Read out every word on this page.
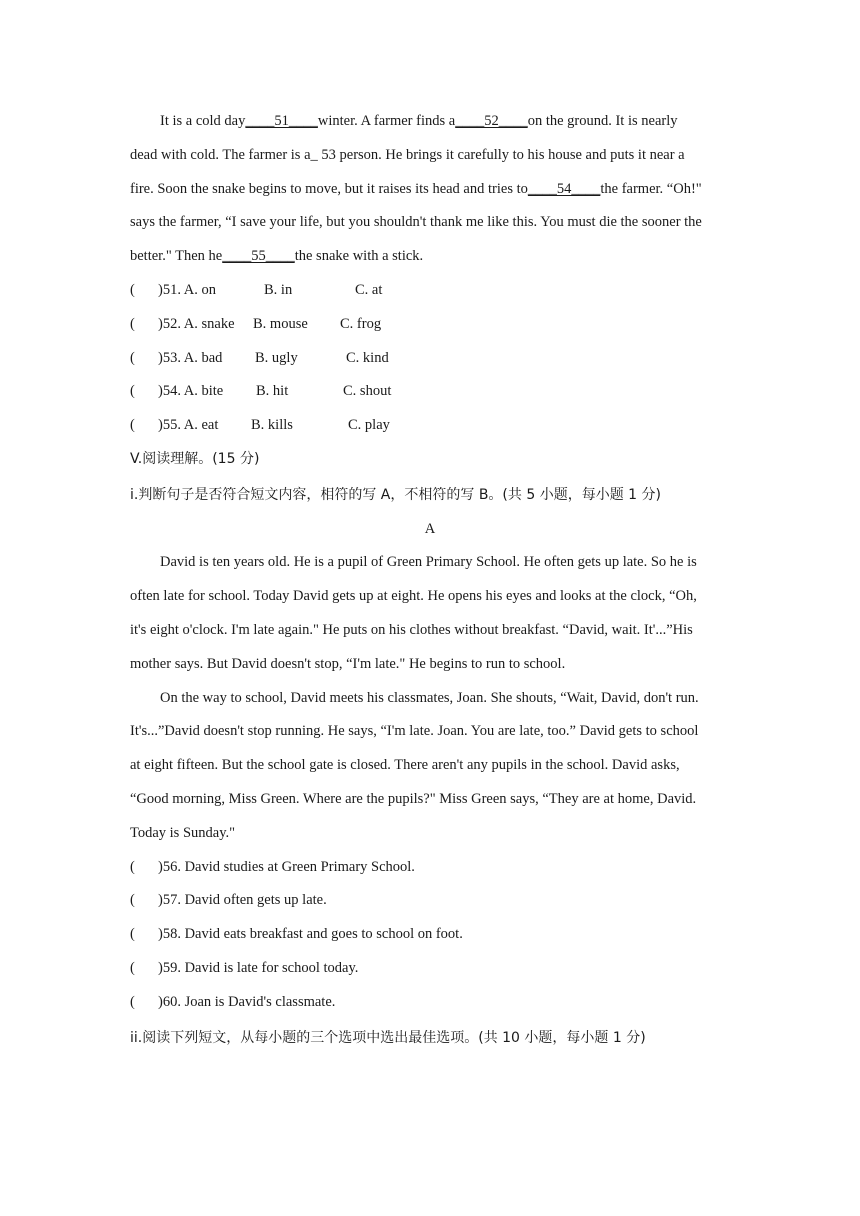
It is a cold day____51____winter. A farmer finds a____52____on the ground. It is nearly
dead with cold. The farmer is a_ 53 person. He brings it carefully to his house and puts it near a
fire. Soon the snake begins to move, but it raises its head and tries to____54____the farmer. “Oh!"
says the farmer, “I save your life, but you shouldn't thank me like this. You must die the sooner the
better." Then he____55____the snake with a stick.
( )51. A. on	B. in	C. at
( )52. A. snake B. mouse C. frog
( )53. A. bad B. ugly	C. kind
( )54. A. bite B. hit	C. shout
( )55. A. eat B. kills	C. play
V.阅读理解。(15 分)
i.判断句子是否符合短文内容，相符的写 A，不相符的写 B。(共 5 小题，每小题 1 分)
A
David is ten years old. He is a pupil of Green Primary School. He often gets up late. So he is
often late for school. Today David gets up at eight. He opens his eyes and looks at the clock, “Oh,
it's eight o'clock. I'm late again." He puts on his clothes without breakfast. “David, wait. It'...”His
mother says. But David doesn't stop, “I'm late." He begins to run to school.
On the way to school, David meets his classmates, Joan. She shouts, “Wait, David, don't run.
It's...”David doesn't stop running. He says, “I'm late. Joan. You are late, too.” David gets to school
at eight fifteen. But the school gate is closed. There aren't any pupils in the school. David asks,
“Good morning, Miss Green. Where are the pupils?" Miss Green says, “They are at home, David.
Today is Sunday."
( )56. David studies at Green Primary School.
( )57. David often gets up late.
( )58. David eats breakfast and goes to school on foot.
( )59. David is late for school today.
( )60. Joan is David's classmate.
ii.阅读下列短文，从每小题的三个选项中选出最佳选项。(共 10 小题，每小题 1 分)
